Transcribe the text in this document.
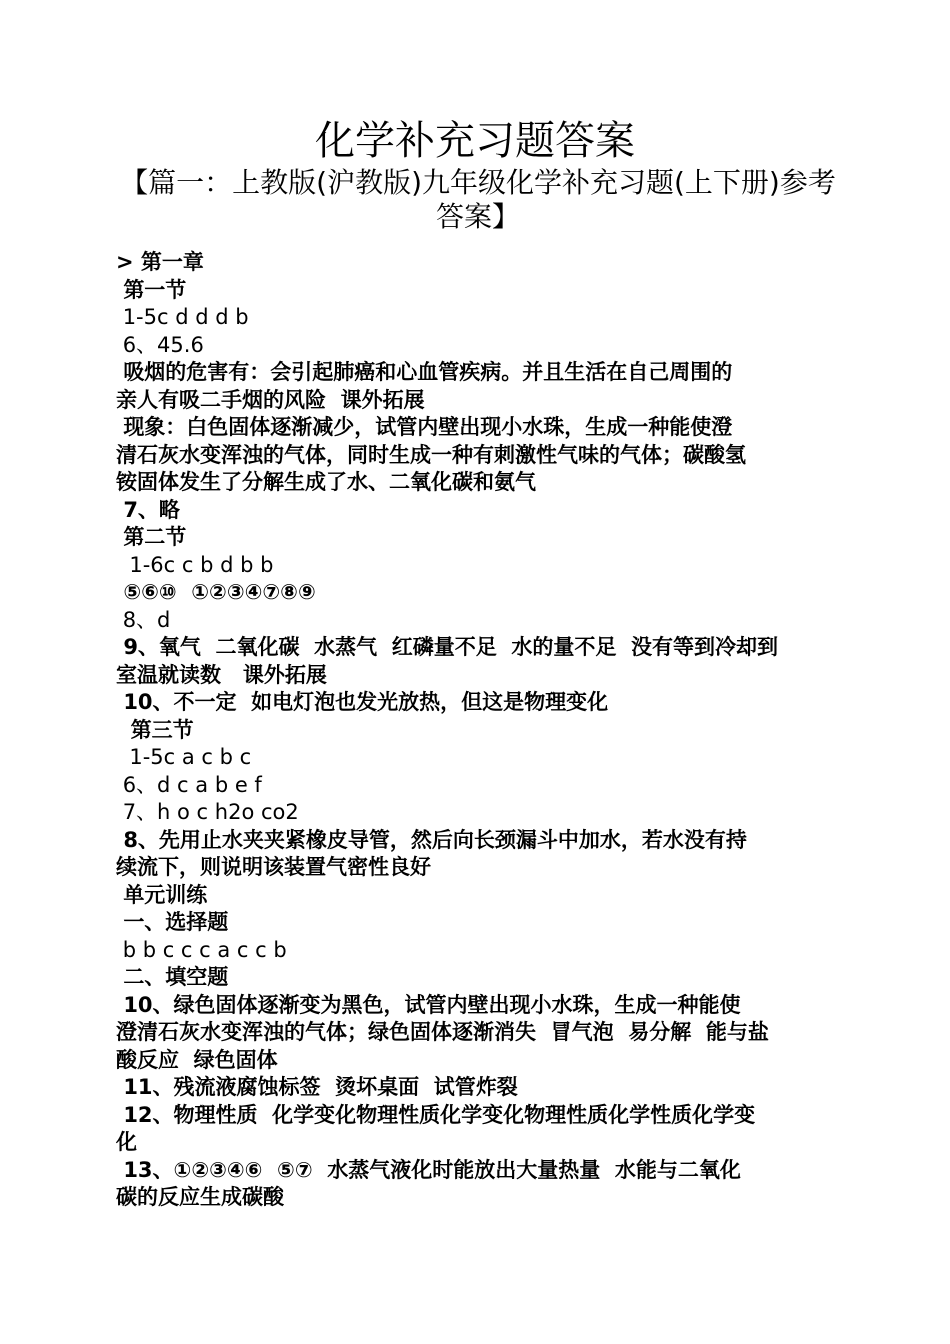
化学补充习题答案
【篇一：上教版(沪教版)九年级化学补充习题(上下册)参考答案】
> 第一章
第一节
1-5c d d d b
6、45.6
吸烟的危害有：会引起肺癌和心血管疾病。并且生活在自己周围的
亲人有吸二手烟的风险  课外拓展
现象：白色固体逐渐减少，试管内壁出现小水珠，生成一种能使澄
清石灰水变浑浊的气体，同时生成一种有刺激性气味的气体；碳酸氢
铵固体发生了分解生成了水、二氧化碳和氨气
7、略
第二节
1-6c c b d b b
⑤⑥⑩  ①②③④⑦⑧⑨
8、d
9、氧气  二氧化碳  水蒸气  红磷量不足  水的量不足  没有等到冷却到
室温就读数   课外拓展
10、不一定  如电灯泡也发光放热，但这是物理变化
第三节
1-5c a c b c
6、d c a b e f
7、h o c h2o co2
8、先用止水夹夹紧橡皮导管，然后向长颈漏斗中加水，若水没有持
续流下，则说明该装置气密性良好
单元训练
一、选择题
b b c c c a c c b
二、填空题
10、绿色固体逐渐变为黑色，试管内壁出现小水珠，生成一种能使
澄清石灰水变浑浊的气体；绿色固体逐渐消失  冒气泡  易分解  能与盐
酸反应  绿色固体
11、残流液腐蚀标签  烫坏桌面  试管炸裂
12、物理性质  化学变化物理性质化学变化物理性质化学性质化学变
化
13、①②③④⑥  ⑤⑦  水蒸气液化时能放出大量热量  水能与二氧化
碳的反应生成碳酸
